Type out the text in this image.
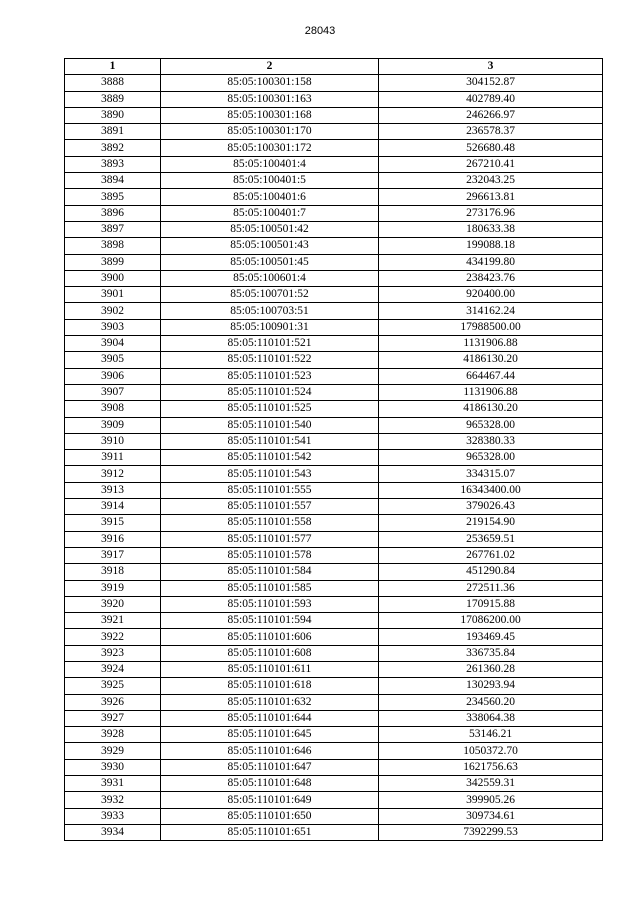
28043
1	2	3
3888	85:05:100301:158	304152.87
3889	85:05:100301:163	402789.40
3890	85:05:100301:168	246266.97
3891	85:05:100301:170	236578.37
3892	85:05:100301:172	526680.48
3893	85:05:100401:4	267210.41
3894	85:05:100401:5	232043.25
3895	85:05:100401:6	296613.81
3896	85:05:100401:7	273176.96
3897	85:05:100501:42	180633.38
3898	85:05:100501:43	199088.18
3899	85:05:100501:45	434199.80
3900	85:05:100601:4	238423.76
3901	85:05:100701:52	920400.00
3902	85:05:100703:51	314162.24
3903	85:05:100901:31	17988500.00
3904	85:05:110101:521	1131906.88
3905	85:05:110101:522	4186130.20
3906	85:05:110101:523	664467.44
3907	85:05:110101:524	1131906.88
3908	85:05:110101:525	4186130.20
3909	85:05:110101:540	965328.00
3910	85:05:110101:541	328380.33
3911	85:05:110101:542	965328.00
3912	85:05:110101:543	334315.07
3913	85:05:110101:555	16343400.00
3914	85:05:110101:557	379026.43
3915	85:05:110101:558	219154.90
3916	85:05:110101:577	253659.51
3917	85:05:110101:578	267761.02
3918	85:05:110101:584	451290.84
3919	85:05:110101:585	272511.36
3920	85:05:110101:593	170915.88
3921	85:05:110101:594	17086200.00
3922	85:05:110101:606	193469.45
3923	85:05:110101:608	336735.84
3924	85:05:110101:611	261360.28
3925	85:05:110101:618	130293.94
3926	85:05:110101:632	234560.20
3927	85:05:110101:644	338064.38
3928	85:05:110101:645	53146.21
3929	85:05:110101:646	1050372.70
3930	85:05:110101:647	1621756.63
3931	85:05:110101:648	342559.31
3932	85:05:110101:649	399905.26
3933	85:05:110101:650	309734.61
3934	85:05:110101:651	7392299.53
